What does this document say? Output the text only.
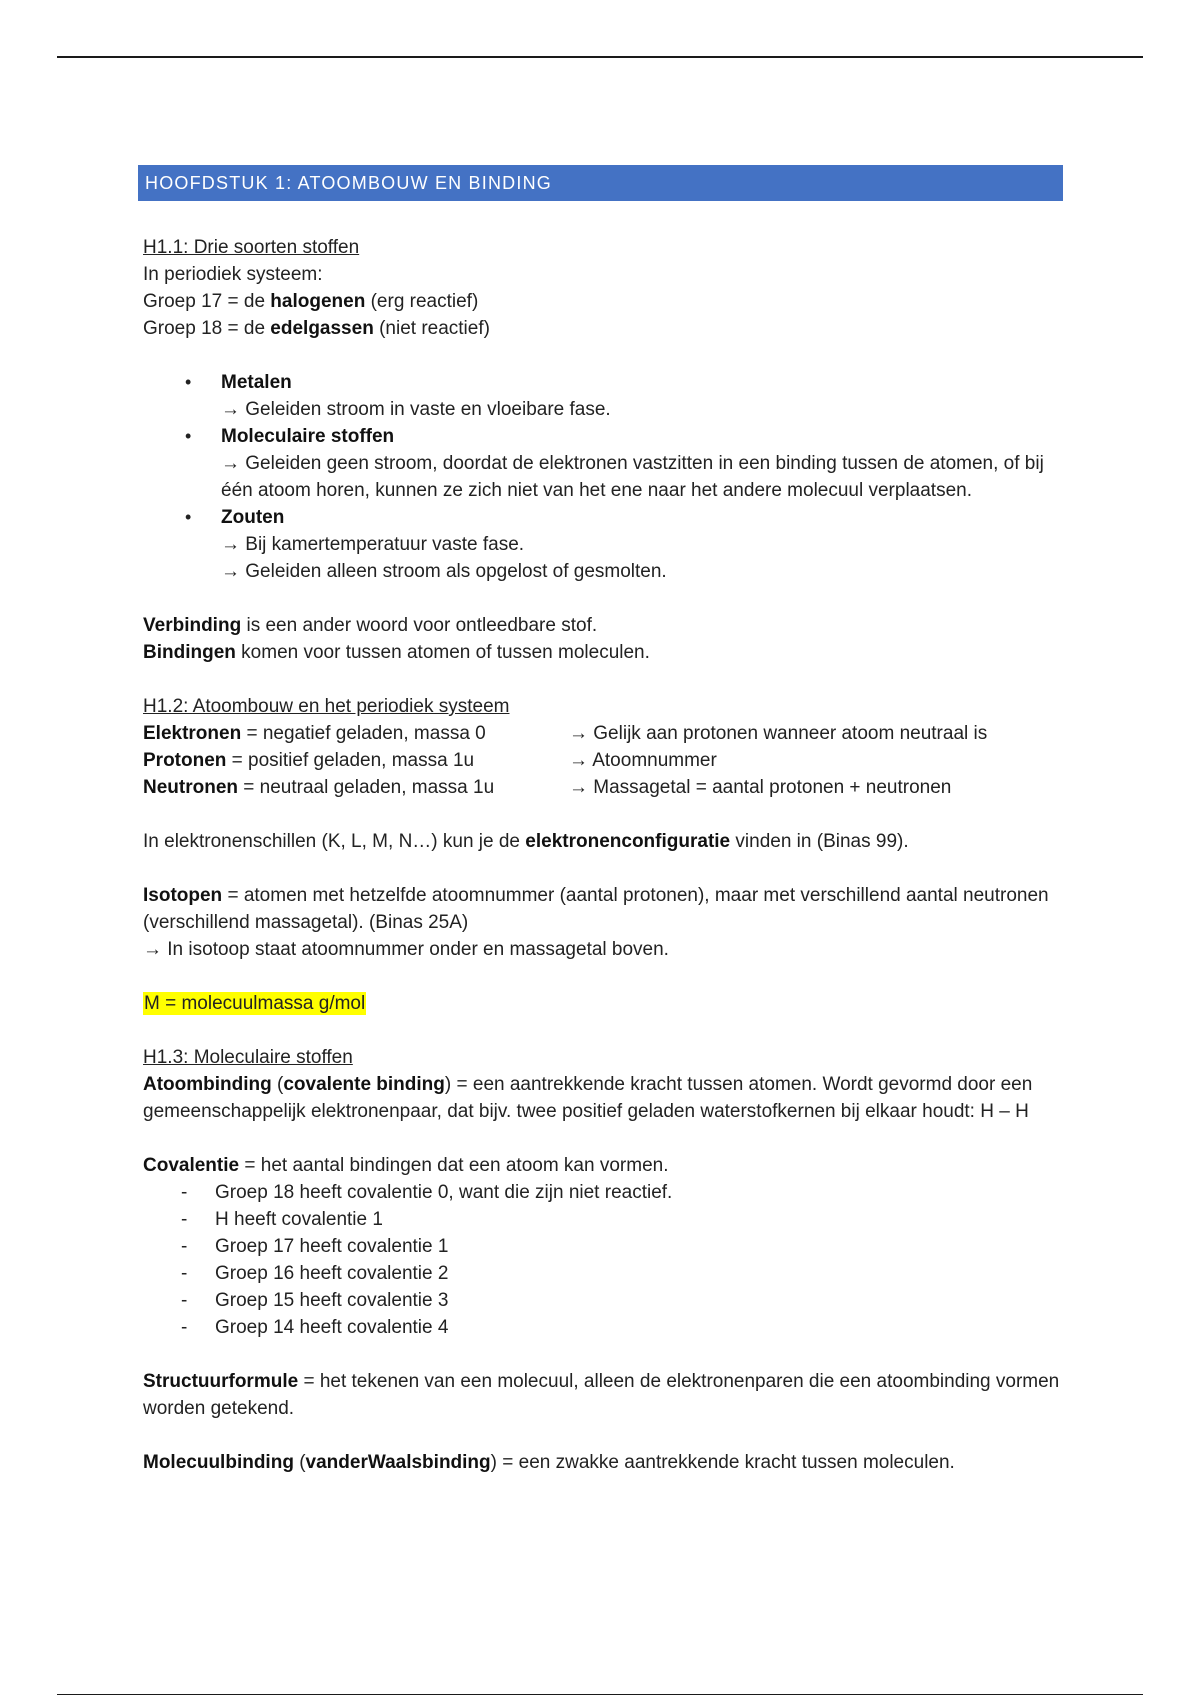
HOOFDSTUK 1: ATOOMBOUW EN BINDING

H1.1: Drie soorten stoffen

In periodiek systeem:

Groep 17 = de halogenen (erg reactief)

Groep 18 = de edelgassen (niet reactief)

• Metalen
→ Geleiden stroom in vaste en vloeibare fase.
• Moleculaire stoffen
→ Geleiden geen stroom, doordat de elektronen vastzitten in een binding tussen de atomen, of bij één atoom horen, kunnen ze zich niet van het ene naar het andere molecuul verplaatsen.
• Zouten
→ Bij kamertemperatuur vaste fase.
→ Geleiden alleen stroom als opgelost of gesmolten.

Verbinding is een ander woord voor ontleedbare stof.

Bindingen komen voor tussen atomen of tussen moleculen.

H1.2: Atoombouw en het periodiek systeem

Elektronen = negatief geladen, massa 0	→ Gelijk aan protonen wanneer atoom neutraal is
Protonen = positief geladen, massa 1u	→ Atoomnummer
Neutronen = neutraal geladen, massa 1u	→ Massagetal = aantal protonen + neutronen

In elektronenschillen (K, L, M, N…) kun je de elektronenconfiguratie vinden in (Binas 99).

Isotopen = atomen met hetzelfde atoomnummer (aantal protonen), maar met verschillend aantal neutronen (verschillend massagetal). (Binas 25A)

→ In isotoop staat atoomnummer onder en massagetal boven.

M = molecuulmassa g/mol

H1.3: Moleculaire stoffen

Atoombinding (covalente binding) = een aantrekkende kracht tussen atomen. Wordt gevormd door een gemeenschappelijk elektronenpaar, dat bijv. twee positief geladen waterstofkernen bij elkaar houdt: H – H

Covalentie = het aantal bindingen dat een atoom kan vormen.

- Groep 18 heeft covalentie 0, want die zijn niet reactief.
- H heeft covalentie 1
- Groep 17 heeft covalentie 1
- Groep 16 heeft covalentie 2
- Groep 15 heeft covalentie 3
- Groep 14 heeft covalentie 4

Structuurformule = het tekenen van een molecuul, alleen de elektronenparen die een atoombinding vormen worden getekend.

Molecuulbinding (vanderWaalsbinding) = een zwakke aantrekkende kracht tussen moleculen.
